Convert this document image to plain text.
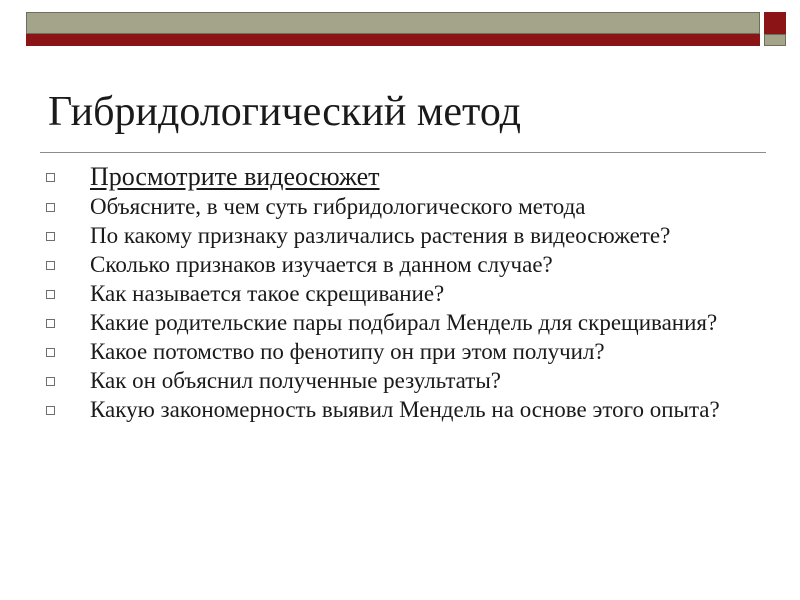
Гибридологический метод
Просмотрите видеосюжет
Объясните, в чем суть гибридологического метода
По какому признаку различались растения в видеосюжете?
Сколько признаков изучается в данном случае?
Как называется такое скрещивание?
Какие родительские пары подбирал Мендель для скрещивания?
Какое потомство по фенотипу он при этом получил?
Как он объяснил полученные результаты?
Какую закономерность выявил Мендель на основе этого опыта?
